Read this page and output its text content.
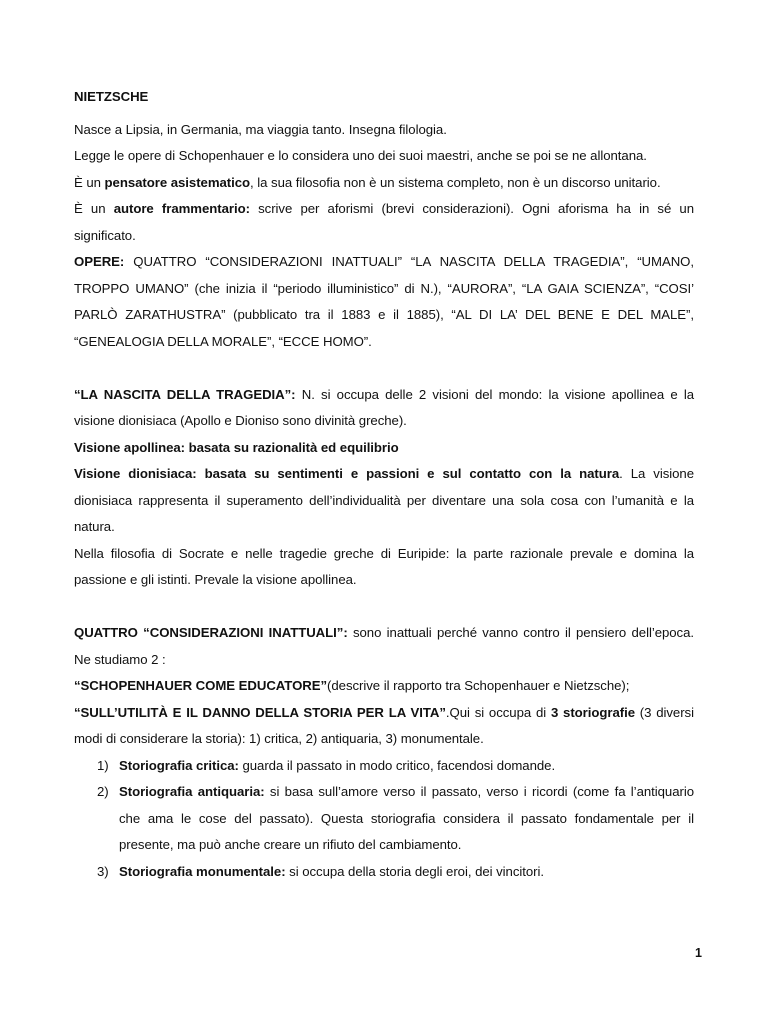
NIETZSCHE

Nasce a Lipsia, in Germania, ma viaggia tanto. Insegna filologia.

Legge le opere di Schopenhauer e lo considera uno dei suoi maestri, anche se poi se ne allontana.

È un pensatore asistematico, la sua filosofia non è un sistema completo, non è un discorso unitario.

È un autore frammentario: scrive per aforismi (brevi considerazioni). Ogni aforisma ha in sé un significato.

OPERE: QUATTRO “CONSIDERAZIONI INATTUALI” “LA NASCITA DELLA TRAGEDIA”, “UMANO, TROPPO UMANO” (che inizia il “periodo illuministico” di N.), “AURORA”, “LA GAIA SCIENZA”, “COSI’ PARLÒ ZARATHUSTRA” (pubblicato tra il 1883 e il 1885), “AL DI LA’ DEL BENE E DEL MALE”, “GENEALOGIA DELLA MORALE”, “ECCE HOMO”.

“LA NASCITA DELLA TRAGEDIA”: N. si occupa delle 2 visioni del mondo: la visione apollinea e la visione dionisiaca (Apollo e Dioniso sono divinità greche).

Visione apollinea: basata su razionalità ed equilibrio

Visione dionisiaca: basata su sentimenti e passioni e sul contatto con la natura. La visione dionisiaca rappresenta il superamento dell’individualità per diventare una sola cosa con l’umanità e la natura.

Nella filosofia di Socrate e nelle tragedie greche di Euripide: la parte razionale prevale e domina la passione e gli istinti. Prevale la visione apollinea.

QUATTRO “CONSIDERAZIONI INATTUALI”: sono inattuali perché vanno contro il pensiero dell’epoca. Ne studiamo 2 :

“SCHOPENHAUER COME EDUCATORE”(descrive il rapporto tra Schopenhauer e Nietzsche);

“SULL’UTILITÀ E IL DANNO DELLA STORIA PER LA VITA”.Qui si occupa di 3 storiografie (3 diversi modi di considerare la storia): 1) critica, 2) antiquaria, 3) monumentale.

1) Storiografia critica: guarda il passato in modo critico, facendosi domande.
2) Storiografia antiquaria: si basa sull’amore verso il passato, verso i ricordi (come fa l’antiquario che ama le cose del passato). Questa storiografia considera il passato fondamentale per il presente, ma può anche creare un rifiuto del cambiamento.
3) Storiografia monumentale: si occupa della storia degli eroi, dei vincitori.
1
